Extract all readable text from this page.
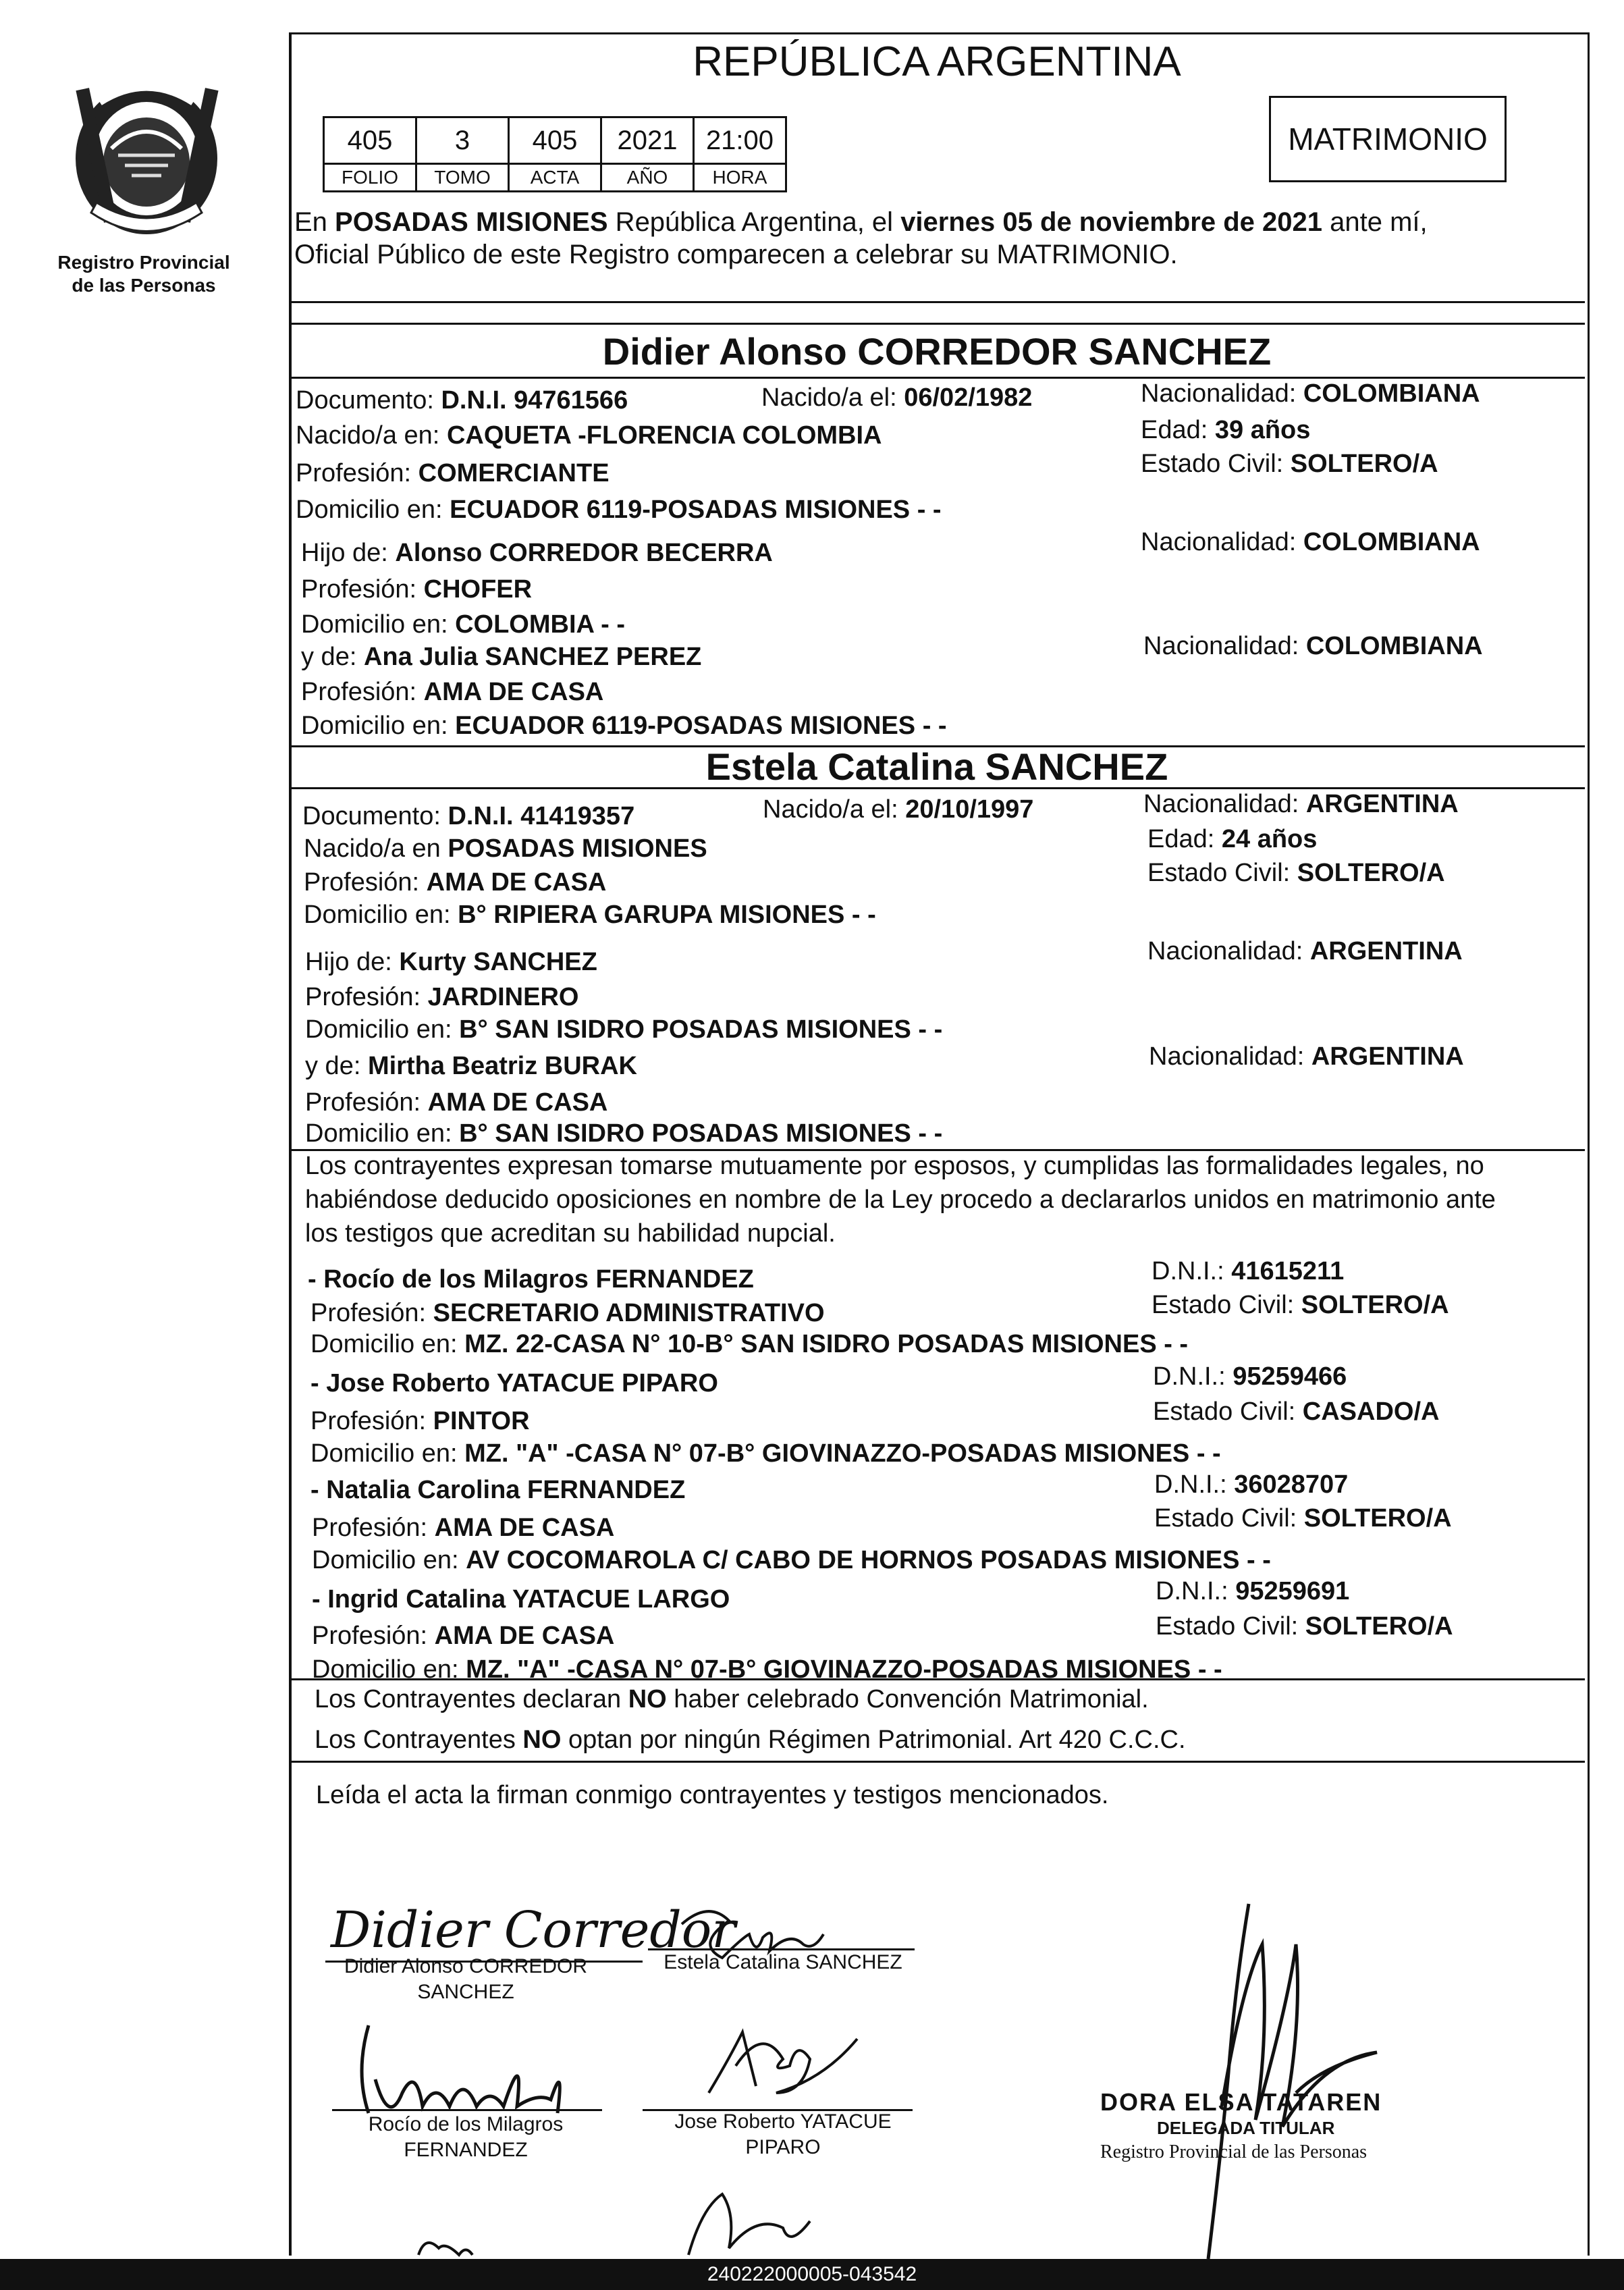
Registro Provincial
de las Personas
REPÚBLICA ARGENTINA
405	3	405	2021	21:00
FOLIO	TOMO	ACTA	AÑO	HORA
MATRIMONIO
En POSADAS MISIONES República Argentina, el viernes 05 de noviembre de 2021 ante mí,
Oficial Público de este Registro comparecen a celebrar su MATRIMONIO.
Didier Alonso CORREDOR SANCHEZ
Documento: D.N.I. 94761566	Nacido/a el: 06/02/1982	Nacionalidad: COLOMBIANA
Nacido/a en: CAQUETA -FLORENCIA COLOMBIA	Edad: 39 años
Profesión: COMERCIANTE	Estado Civil: SOLTERO/A
Domicilio en: ECUADOR 6119-POSADAS MISIONES - -
Hijo de: Alonso CORREDOR BECERRA	Nacionalidad: COLOMBIANA
Profesión: CHOFER
Domicilio en: COLOMBIA - -
y de: Ana Julia SANCHEZ PEREZ	Nacionalidad: COLOMBIANA
Profesión: AMA DE CASA
Domicilio en: ECUADOR 6119-POSADAS MISIONES - -
Estela Catalina SANCHEZ
Documento: D.N.I. 41419357	Nacido/a el: 20/10/1997	Nacionalidad: ARGENTINA
Nacido/a en POSADAS MISIONES	Edad: 24 años
Profesión: AMA DE CASA	Estado Civil: SOLTERO/A
Domicilio en: B° RIPIERA GARUPA MISIONES - -
Hijo de: Kurty SANCHEZ	Nacionalidad: ARGENTINA
Profesión: JARDINERO
Domicilio en: B° SAN ISIDRO POSADAS MISIONES - -
y de: Mirtha Beatriz BURAK	Nacionalidad: ARGENTINA
Profesión: AMA DE CASA
Domicilio en: B° SAN ISIDRO POSADAS MISIONES - -
Los contrayentes expresan tomarse mutuamente por esposos, y cumplidas las formalidades legales, no
habiéndose deducido oposiciones en nombre de la Ley procedo a declararlos unidos en matrimonio ante
los testigos que acreditan su habilidad nupcial.
- Rocío de los Milagros FERNANDEZ	D.N.I.: 41615211
Profesión: SECRETARIO ADMINISTRATIVO	Estado Civil: SOLTERO/A
Domicilio en: MZ. 22-CASA N° 10-B° SAN ISIDRO POSADAS MISIONES - -
- Jose Roberto YATACUE PIPARO	D.N.I.: 95259466
Profesión: PINTOR	Estado Civil: CASADO/A
Domicilio en: MZ. "A" -CASA N° 07-B° GIOVINAZZO-POSADAS MISIONES - -
- Natalia Carolina FERNANDEZ	D.N.I.: 36028707
Profesión: AMA DE CASA	Estado Civil: SOLTERO/A
Domicilio en: AV COCOMAROLA C/ CABO DE HORNOS POSADAS MISIONES - -
- Ingrid Catalina YATACUE LARGO	D.N.I.: 95259691
Profesión: AMA DE CASA	Estado Civil: SOLTERO/A
Domicilio en: MZ. "A" -CASA N° 07-B° GIOVINAZZO-POSADAS MISIONES - -
Los Contrayentes declaran NO haber celebrado Convención Matrimonial.
Los Contrayentes NO optan por ningún Régimen Patrimonial. Art 420 C.C.C.
Leída el acta la firman conmigo contrayentes y testigos mencionados.
Didier Corredor
Didier Alonso CORREDOR
SANCHEZ
Estela Catalina SANCHEZ
Rocío de los Milagros
FERNANDEZ
Jose Roberto YATACUE
PIPARO
DORA ELSA TATAREN
DELEGADA TITULAR
Registro Provincial de las Personas
240222000005-043542
